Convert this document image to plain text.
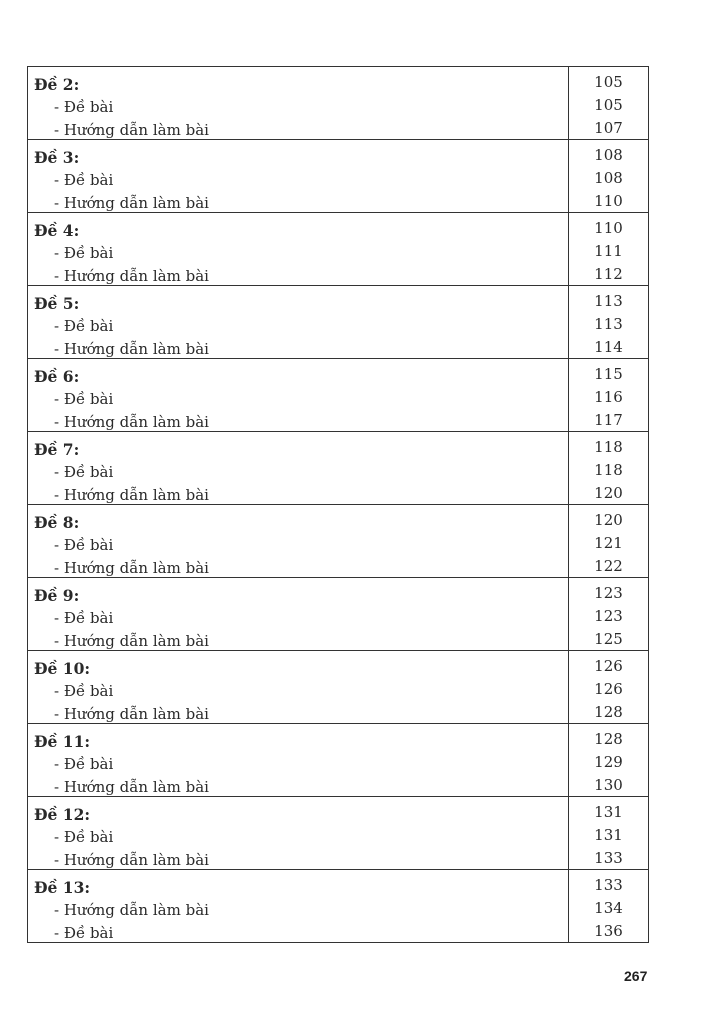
Đề 2:
- Đề bài
- Hướng dẫn làm bài
105
105
107
Đề 3:
- Đề bài
- Hướng dẫn làm bài
108
108
110
Đề 4:
- Đề bài
- Hướng dẫn làm bài
110
111
112
Đề 5:
- Đề bài
- Hướng dẫn làm bài
113
113
114
Đề 6:
- Đề bài
- Hướng dẫn làm bài
115
116
117
Đề 7:
- Đề bài
- Hướng dẫn làm bài
118
118
120
Đề 8:
- Đề bài
- Hướng dẫn làm bài
120
121
122
Đề 9:
- Đề bài
- Hướng dẫn làm bài
123
123
125
Đề 10:
- Đề bài
- Hướng dẫn làm bài
126
126
128
Đề 11:
- Đề bài
- Hướng dẫn làm bài
128
129
130
Đề 12:
- Đề bài
- Hướng dẫn làm bài
131
131
133
Đề 13:
- Hướng dẫn làm bài
- Đề bài
133
134
136
267
